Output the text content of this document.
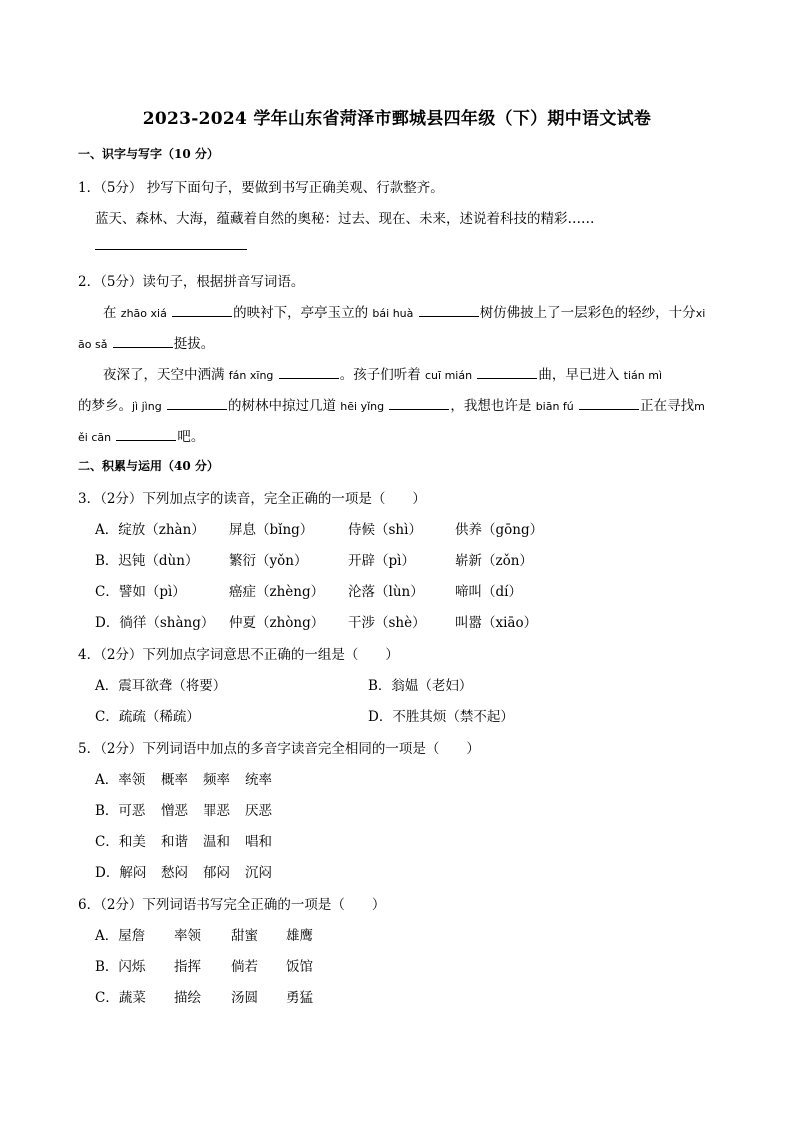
2023-2024 学年山东省菏泽市鄄城县四年级（下）期中语文试卷
一、识字与写字（10 分）
1．（5分） 抄写下面句子，要做到书写正确美观、行款整齐。
蓝天、森林、大海，蕴藏着自然的奥秘：过去、现在、未来，述说着科技的精彩……
2．（5分）读句子，根据拼音写词语。
在 zhāo xiá	的映衬下，亭亭玉立的 bái huà	树仿佛披上了一层彩色的轻纱，十分xi
āo sǎ	挺拔。
夜深了，天空中洒满 fán xīng	。孩子们听着 cuī mián	曲，早已进入 tián mì
的梦乡。jì jìng	的树林中掠过几道 hēi yǐng	，我想也许是 biān fú	正在寻找m
ěi cān	吧。
二、积累与运用（40 分）
3．（2分）下列加点字的读音，完全正确的一项是（　　）
A．绽放（zhàn） 屏息（bǐng）	侍候（shì） 供养（gōng）
B．迟钝（dùn） 繁衍（yǒn）	开辟（pì）	崭新（zǒn）
C．譬如（pì）	癌症（zhèng） 沦落（lùn） 啼叫（dí）
D．徜徉（shàng） 仲夏（zhòng） 干涉（shè） 叫嚣（xiāo）
4．（2分）下列加点字词意思不正确的一组是（　　）
A．震耳欲聋（将要）	B．翁媪（老妇）
C．疏疏（稀疏）	D．不胜其烦（禁不起）
5．（2分）下列词语中加点的多音字读音完全相同的一项是（　　）
A．率领 概率 频率 统率
B．可恶 憎恶 罪恶 厌恶
C．和美 和谐 温和 唱和
D．解闷 愁闷 郁闷 沉闷
6．（2分）下列词语书写完全正确的一项是（　　）
A．屋詹 率领 甜蜜 雄鹰
B．闪烁 指挥 倘若 饭馆
C．蔬菜 描绘 汤圆 勇猛
